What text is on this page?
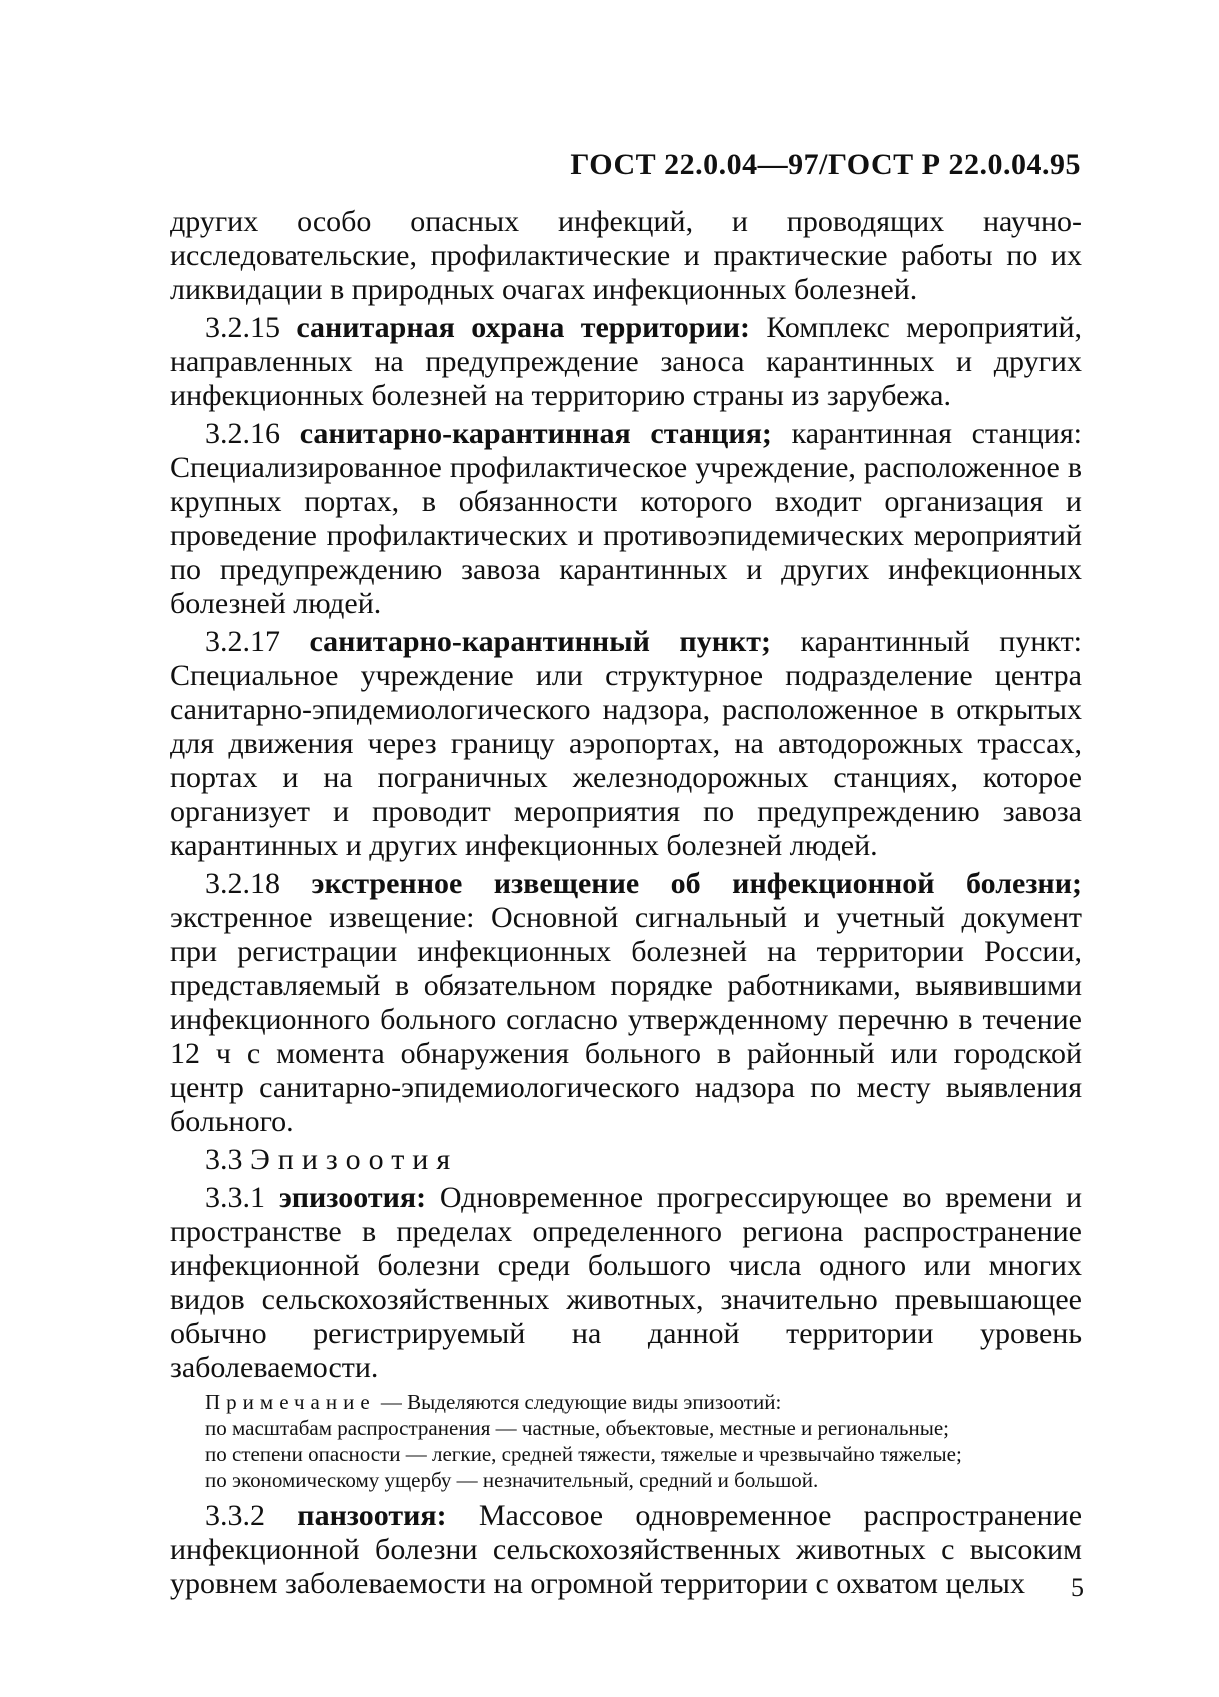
ГОСТ 22.0.04—97/ГОСТ Р 22.0.04.95

других особо опасных инфекций, и проводящих научно-исследовательские, профилактические и практические работы по их ликвидации в природных очагах инфекционных болезней.

3.2.15 санитарная охрана территории: Комплекс мероприятий, направленных на предупреждение заноса карантинных и других инфекционных болезней на территорию страны из зарубежа.

3.2.16 санитарно-карантинная станция; карантинная станция: Специализированное профилактическое учреждение, расположенное в крупных портах, в обязанности которого входит организация и проведение профилактических и противоэпидемических мероприятий по предупреждению завоза карантинных и других инфекционных болезней людей.

3.2.17 санитарно-карантинный пункт; карантинный пункт: Специальное учреждение или структурное подразделение центра санитарно-эпидемиологического надзора, расположенное в открытых для движения через границу аэропортах, на автодорожных трассах, портах и на пограничных железнодорожных станциях, которое организует и проводит мероприятия по предупреждению завоза карантинных и других инфекционных болезней людей.

3.2.18 экстренное извещение об инфекционной болезни; экстренное извещение: Основной сигнальный и учетный документ при регистрации инфекционных болезней на территории России, представляемый в обязательном порядке работниками, выявившими инфекционного больного согласно утвержденному перечню в течение 12 ч с момента обнаружения больного в районный или городской центр санитарно-эпидемиологического надзора по месту выявления больного.

3.3 Эпизоотия

3.3.1 эпизоотия: Одновременное прогрессирующее во времени и пространстве в пределах определенного региона распространение инфекционной болезни среди большого числа одного или многих видов сельскохозяйственных животных, значительно превышающее обычно регистрируемый на данной территории уровень заболеваемости.

Примечание — Выделяются следующие виды эпизоотий:
по масштабам распространения — частные, объектовые, местные и региональные;
по степени опасности — легкие, средней тяжести, тяжелые и чрезвычайно тяжелые;
по экономическому ущербу — незначительный, средний и большой.

3.3.2 панзоотия: Массовое одновременное распространение инфекционной болезни сельскохозяйственных животных с высоким уровнем заболеваемости на огромной территории с охватом целых	5
